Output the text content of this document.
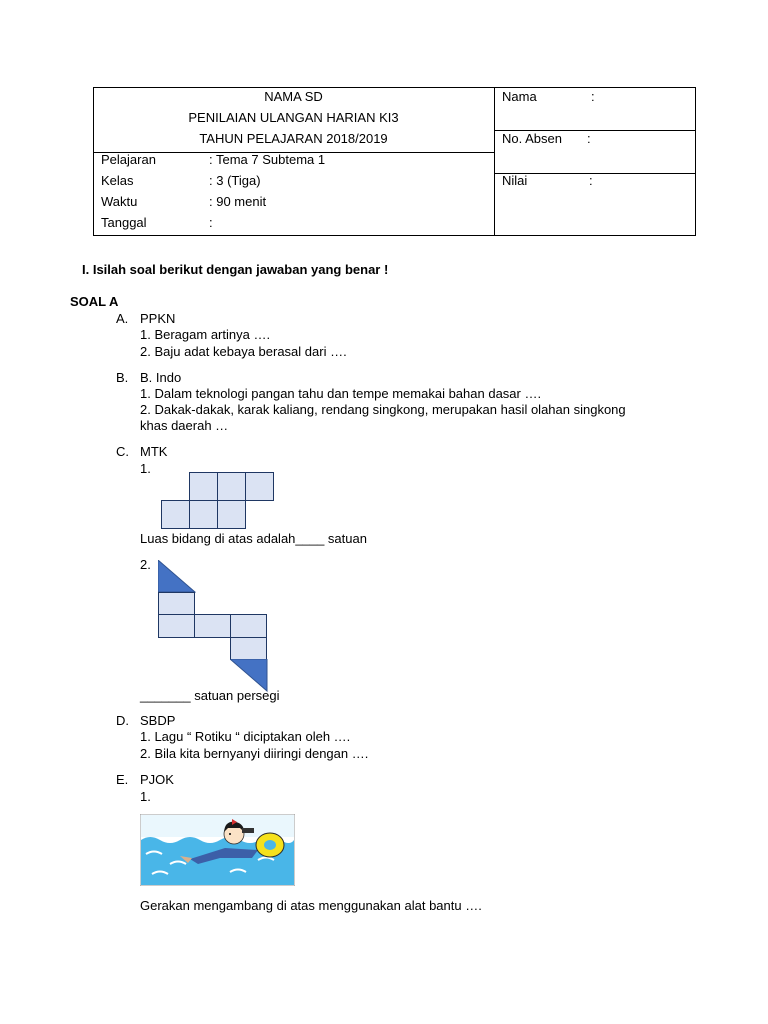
NAMA SD
PENILAIAN ULANGAN HARIAN KI3
TAHUN PELAJARAN 2018/2019
Pelajaran	: Tema 7 Subtema 1
Kelas	: 3 (Tiga)
Waktu	: 90 menit
Tanggal	:
Nama	:
No. Absen :
Nilai	:
I. Isilah soal berikut dengan jawaban yang benar !
SOAL A
A. PPKN
1. Beragam artinya ….
2. Baju adat kebaya berasal dari ….
B. B. Indo
1. Dalam teknologi pangan tahu dan tempe memakai bahan dasar ….
2. Dakak-dakak, karak kaliang, rendang singkong, merupakan hasil olahan singkong
khas daerah …
C. MTK
1.
Luas bidang di atas adalah____ satuan
2.
_______ satuan persegi
D. SBDP
1. Lagu “ Rotiku “ diciptakan oleh ….
2. Bila kita bernyanyi diiringi dengan ….
E. PJOK
1.
Gerakan mengambang di atas menggunakan alat bantu ….
